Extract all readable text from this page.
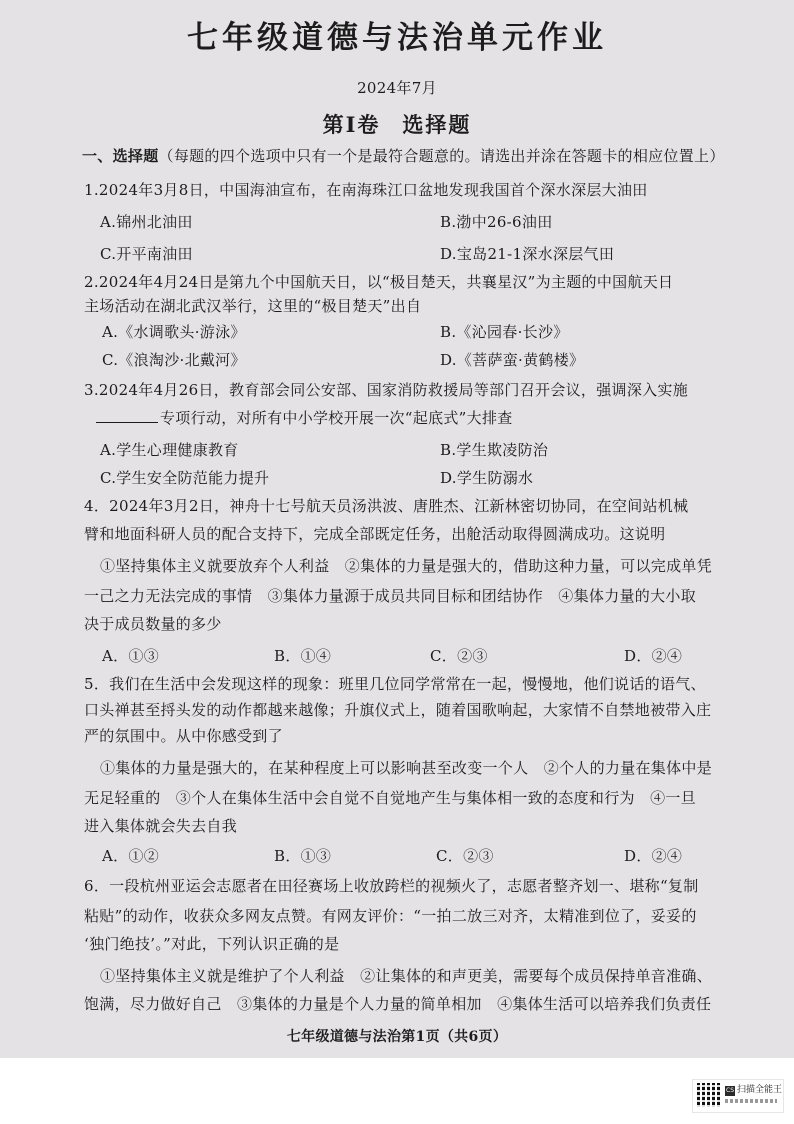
七年级道德与法治单元作业
2024年7月
第Ⅰ卷 选择题
一、选择题（每题的四个选项中只有一个是最符合题意的。请选出并涂在答题卡的相应位置上）
1.2024年3月8日，中国海油宣布，在南海珠江口盆地发现我国首个深水深层大油田
A.锦州北油田	B.渤中26-6油田
C.开平南油田	D.宝岛21-1深水深层气田
2.2024年4月24日是第九个中国航天日，以“极目楚天，共襄星汉”为主题的中国航天日
主场活动在湖北武汉举行，这里的“极目楚天”出自
A.《水调歌头·游泳》	B.《沁园春·长沙》
C.《浪淘沙·北戴河》	D.《菩萨蛮·黄鹤楼》
3.2024年4月26日，教育部会同公安部、国家消防救援局等部门召开会议，强调深入实施
专项行动，对所有中小学校开展一次“起底式”大排查
A.学生心理健康教育	B.学生欺凌防治
C.学生安全防范能力提升	D.学生防溺水
4．2024年3月2日，神舟十七号航天员汤洪波、唐胜杰、江新林密切协同，在空间站机械
臂和地面科研人员的配合支持下，完成全部既定任务，出舱活动取得圆满成功。这说明
①坚持集体主义就要放弃个人利益　②集体的力量是强大的，借助这种力量，可以完成单凭
一己之力无法完成的事情　③集体力量源于成员共同目标和团结协作　④集体力量的大小取
决于成员数量的多少
A．①③	B．①④	C．②③	D．②④
5．我们在生活中会发现这样的现象：班里几位同学常常在一起，慢慢地，他们说话的语气、
口头禅甚至捋头发的动作都越来越像；升旗仪式上，随着国歌响起，大家情不自禁地被带入庄
严的氛围中。从中你感受到了
①集体的力量是强大的，在某种程度上可以影响甚至改变一个人　②个人的力量在集体中是
无足轻重的　③个人在集体生活中会自觉不自觉地产生与集体相一致的态度和行为　④一旦
进入集体就会失去自我
A．①②	B．①③	C．②③	D．②④
6．一段杭州亚运会志愿者在田径赛场上收放跨栏的视频火了，志愿者整齐划一、堪称“复制
粘贴”的动作，收获众多网友点赞。有网友评价：“一拍二放三对齐，太精准到位了，妥妥的
‘独门绝技’。”对此，下列认识正确的是
①坚持集体主义就是维护了个人利益　②让集体的和声更美，需要每个成员保持单音准确、
饱满，尽力做好自己　③集体的力量是个人力量的简单相加　④集体生活可以培养我们负责任
七年级道德与法治第1页（共6页）
CS 扫描全能王
